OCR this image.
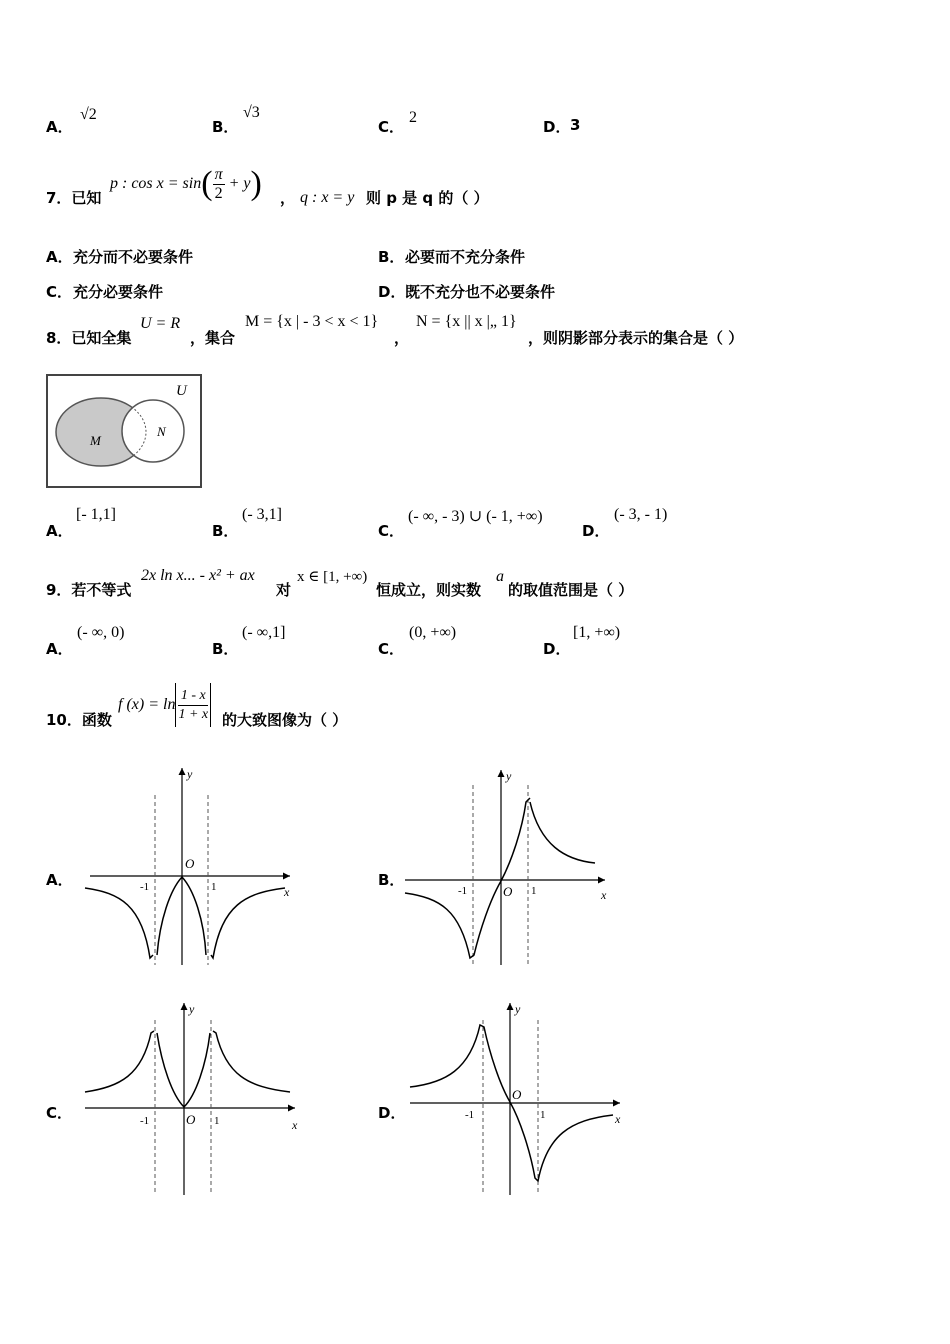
A．
√2
B．
√3
C．
2
D． 3
7．已知
p : $\cos x = \sin( \frac{\pi}{2} + y)$ ， q : x = y 则 p 是 q 的（ ）
A． 充分而不必要条件	B． 必要而不充分条件
C． 充分必要条件	D． 既不充分也不必要条件
8．已知全集
U = R
，集合
M = {x | - 3 < x < 1}
，
N = {x || x |„ 1}
，则阴影部分表示的集合是（ ）
U
M
N
A．
[- 1,1]
B．
(- 3,1]
C．
(- ∞, - 3) ∪ (- 1, +∞)
D．
(- 3, - 1)
9．若不等式
2x ln x... - x² + ax
对
x ∈ [1, +∞)
恒成立，则实数
a
的取值范围是（ ）
A．
(- ∞, 0)
B．
(- ∞,1]
C．
(0, +∞)
D．
[1, +∞)
10．函数
f $(x) = \ln \frac{1 - x}{1 + x}$ 的大致图像为（ ）
A．	B．
C．	D．
O
-1	1	x
y
O
-1	1	x
y
O
-1	1	x
y
O
-1	1	x
y
